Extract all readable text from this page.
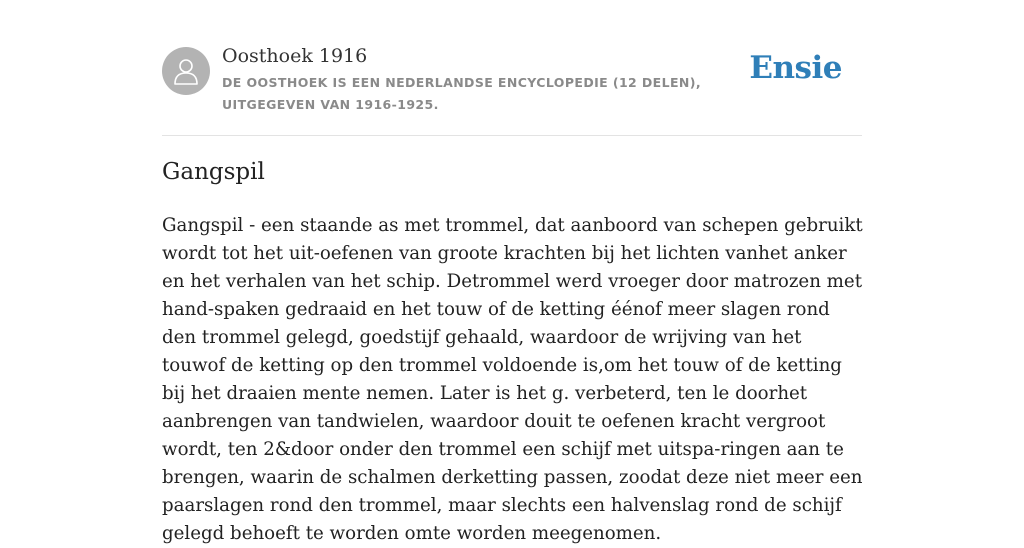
Oosthoek 1916
DE OOSTHOEK IS EEN NEDERLANDSE ENCYCLOPEDIE (12 DELEN), UITGEGEVEN VAN 1916-1925.
Ensie
Gangspil

Gangspil - een staande as met trommel, dat aanboord van schepen gebruikt wordt tot het uit-oefenen van groote krachten bij het lichten vanhet anker en het verhalen van het schip. Detrommel werd vroeger door matrozen met hand-spaken gedraaid en het touw of de ketting éénof meer slagen rond den trommel gelegd, goedstijf gehaald, waardoor de wrijving van het touwof de ketting op den trommel voldoende is,om het touw of de ketting bij het draaien mente nemen. Later is het g. verbeterd, ten le doorhet aanbrengen van tandwielen, waardoor douit te oefenen kracht vergroot wordt, ten 2&door onder den trommel een schijf met uitspa-ringen aan te brengen, waarin de schalmen derketting passen, zoodat deze niet meer een paarslagen rond den trommel, maar slechts een halvenslag rond de schijf gelegd behoeft te worden omte worden meegenomen.
